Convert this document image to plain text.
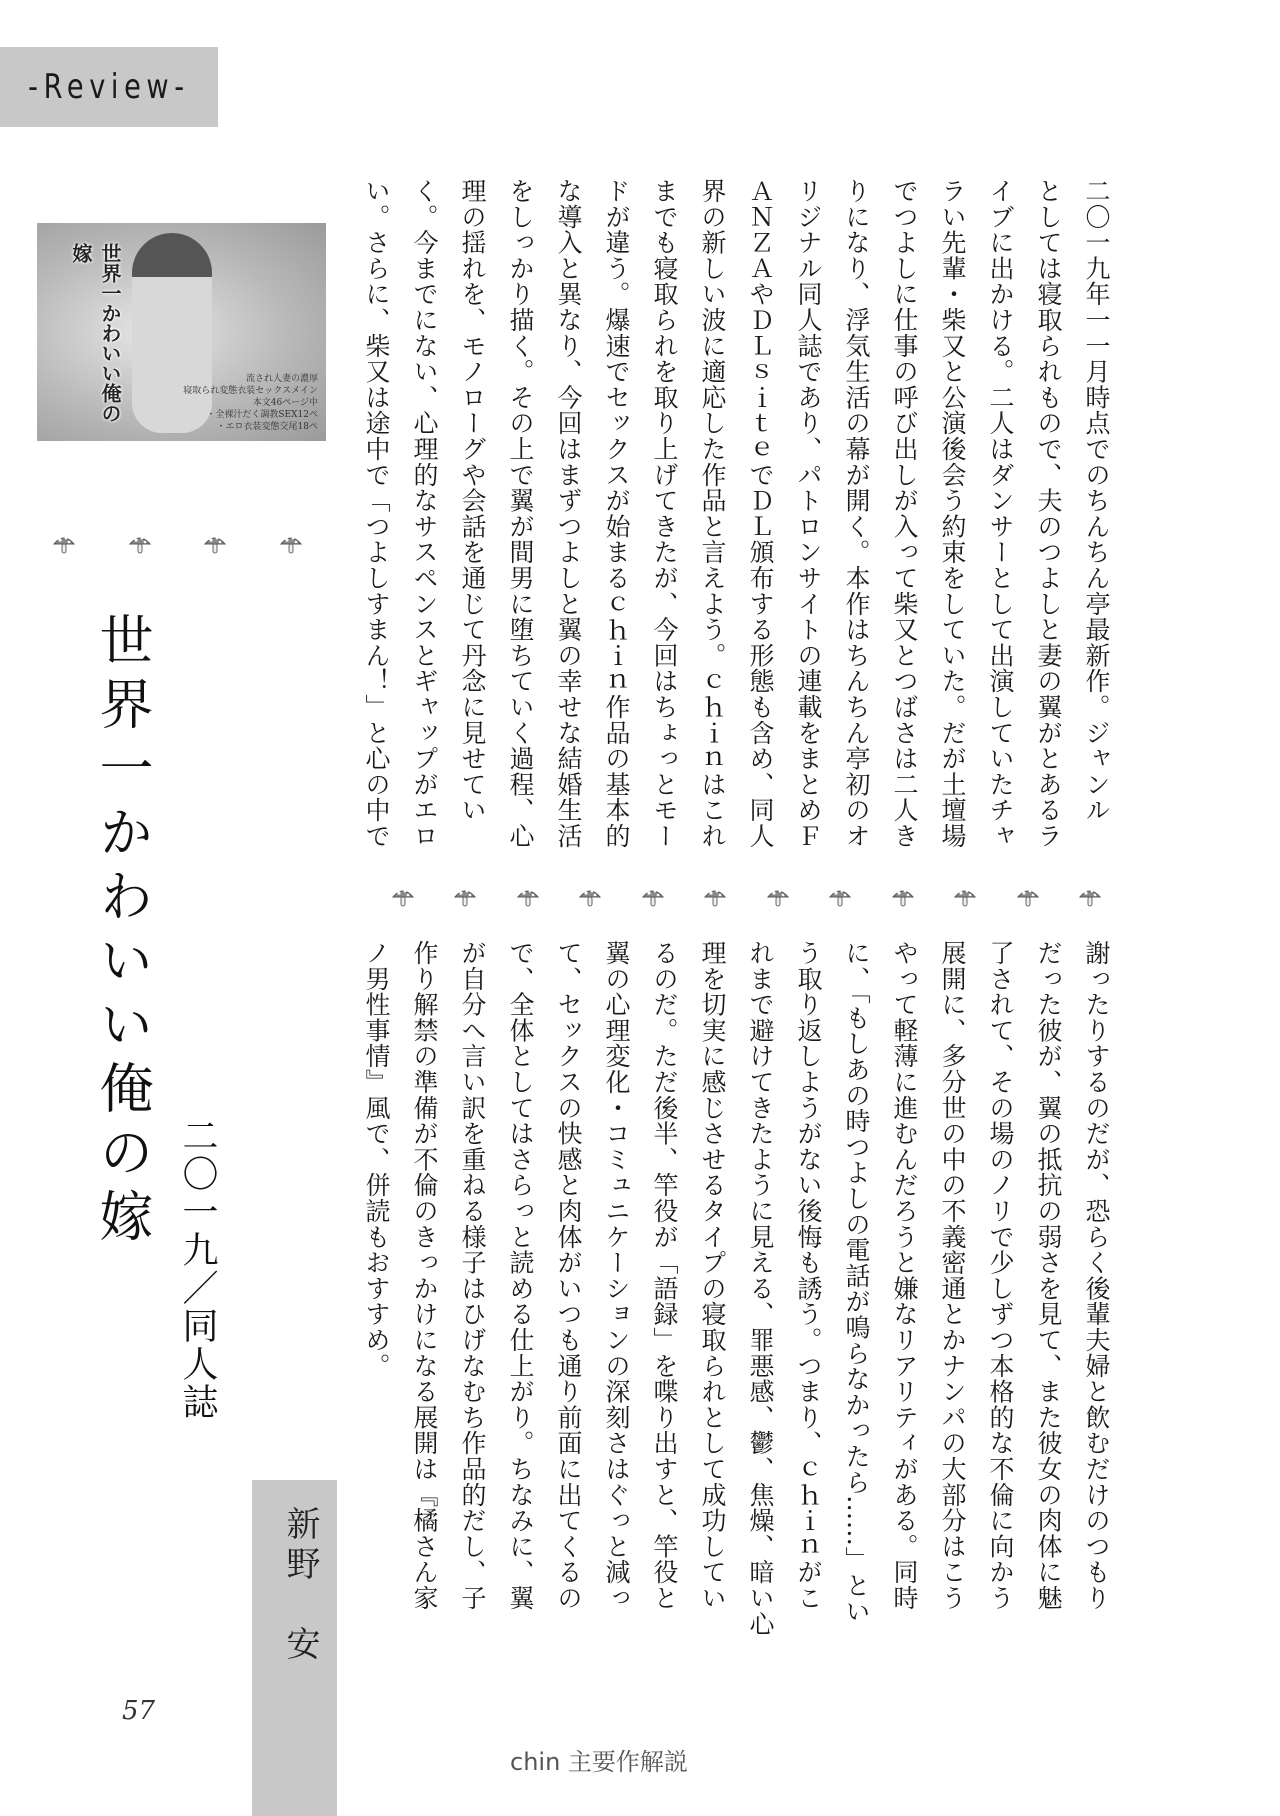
-Review-
世界一かわいい俺の嫁
流され人妻の濃厚
寝取られ変態衣装セックスメイン
本文46ページ中
・全裸汁だく調教SEX12ペ
・エロ衣装変態交尾18ペ
世界一かわいい俺の嫁
二〇一九／同人誌
新野　安
57
chin 主要作解説
二〇一九年一一月時点でのちんちん亭最新作。ジャンル
としては寝取られもので、夫のつよしと妻の翼がとあるラ
イブに出かける。二人はダンサーとして出演していたチャ
ラい先輩・柴又と公演後会う約束をしていた。だが土壇場
でつよしに仕事の呼び出しが入って柴又とつばさは二人き
りになり、浮気生活の幕が開く。本作はちんちん亭初のオ
リジナル同人誌であり、パトロンサイトの連載をまとめＦ
ＡＮＺＡやＤＬｓｉｔｅでＤＬ頒布する形態も含め、同人
界の新しい波に適応した作品と言えよう。ｃｈｉｎはこれ
までも寝取られを取り上げてきたが、今回はちょっとモー
ドが違う。爆速でセックスが始まるｃｈｉｎ作品の基本的
な導入と異なり、今回はまずつよしと翼の幸せな結婚生活
をしっかり描く。その上で翼が間男に堕ちていく過程、心
理の揺れを、モノローグや会話を通じて丹念に見せてい
く。今までにない、心理的なサスペンスとギャップがエロ
い。さらに、柴又は途中で「つよしすまん！」と心の中で
謝ったりするのだが、恐らく後輩夫婦と飲むだけのつもり
だった彼が、翼の抵抗の弱さを見て、また彼女の肉体に魅
了されて、その場のノリで少しずつ本格的な不倫に向かう
展開に、多分世の中の不義密通とかナンパの大部分はこう
やって軽薄に進むんだろうと嫌なリアリティがある。同時
に、「もしあの時つよしの電話が鳴らなかったら……」とい
う取り返しようがない後悔も誘う。つまり、ｃｈｉｎがこ
れまで避けてきたように見える、罪悪感、鬱、焦燥、暗い心
理を切実に感じさせるタイプの寝取られとして成功してい
るのだ。ただ後半、竿役が「語録」を喋り出すと、竿役と
翼の心理変化・コミュニケーションの深刻さはぐっと減っ
て、セックスの快感と肉体がいつも通り前面に出てくるの
で、全体としてはさらっと読める仕上がり。ちなみに、翼
が自分へ言い訳を重ねる様子はひげなむち作品的だし、子
作り解禁の準備が不倫のきっかけになる展開は『橘さん家
ノ男性事情』風で、併読もおすすめ。
